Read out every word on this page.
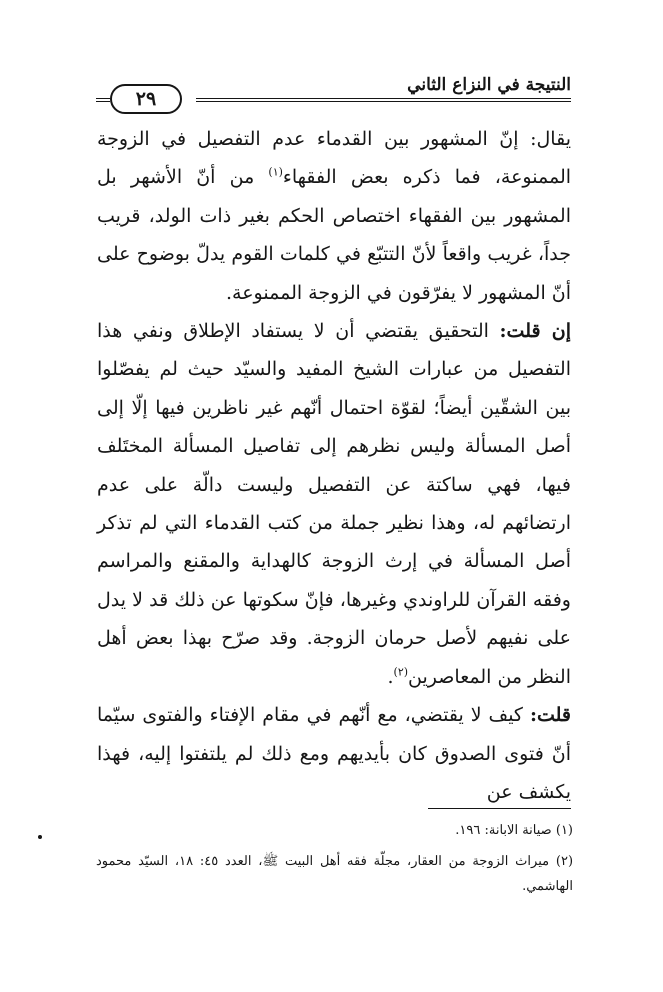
النتيجة في النزاع الثاني
٢٩

يقال: إنّ المشهور بين القدماء عدم التفصيل في الزوجة الممنوعة، فما ذكره بعض الفقهاء$^{(١)}$ من أنّ الأشهر بل المشهور بين الفقهاء اختصاص الحكم بغير ذات الولد، قريب جداً، غريب واقعاً لأنّ التتبّع في كلمات القوم يدلّ بوضوح على أنّ المشهور لا يفرّقون في الزوجة الممنوعة.

إن قلت: التحقيق يقتضي أن لا يستفاد الإطلاق ونفي هذا التفصيل من عبارات الشيخ المفيد والسيّد حيث لم يفصّلوا بين الشقّين أيضاً؛ لقوّة احتمال أنّهم غير ناظرين فيها إلّا إلى أصل المسألة وليس نظرهم إلى تفاصيل المسألة المختَلف فيها، فهي ساكتة عن التفصيل وليست دالّة على عدم ارتضائهم له، وهذا نظير جملة من كتب القدماء التي لم تذكر أصل المسألة في إرث الزوجة كالهداية والمقنع والمراسم وفقه القرآن للراوندي وغيرها، فإنّ سكوتها عن ذلك قد لا يدل على نفيهم لأصل حرمان الزوجة. وقد صرّح بهذا بعض أهل النظر من المعاصرين$^{(٢)}$.

قلت: كيف لا يقتضي، مع أنّهم في مقام الإفتاء والفتوى سيّما أنّ فتوى الصدوق كان بأيديهم ومع ذلك لم يلتفتوا إليه، فهذا يكشف عن

(١) صيانة الابانة: ١٩٦.

(٢) ميراث الزوجة من العقار، مجلّة فقه أهل البيت ﷺ، العدد ٤٥: ١٨، السيّد محمود الهاشمي.
